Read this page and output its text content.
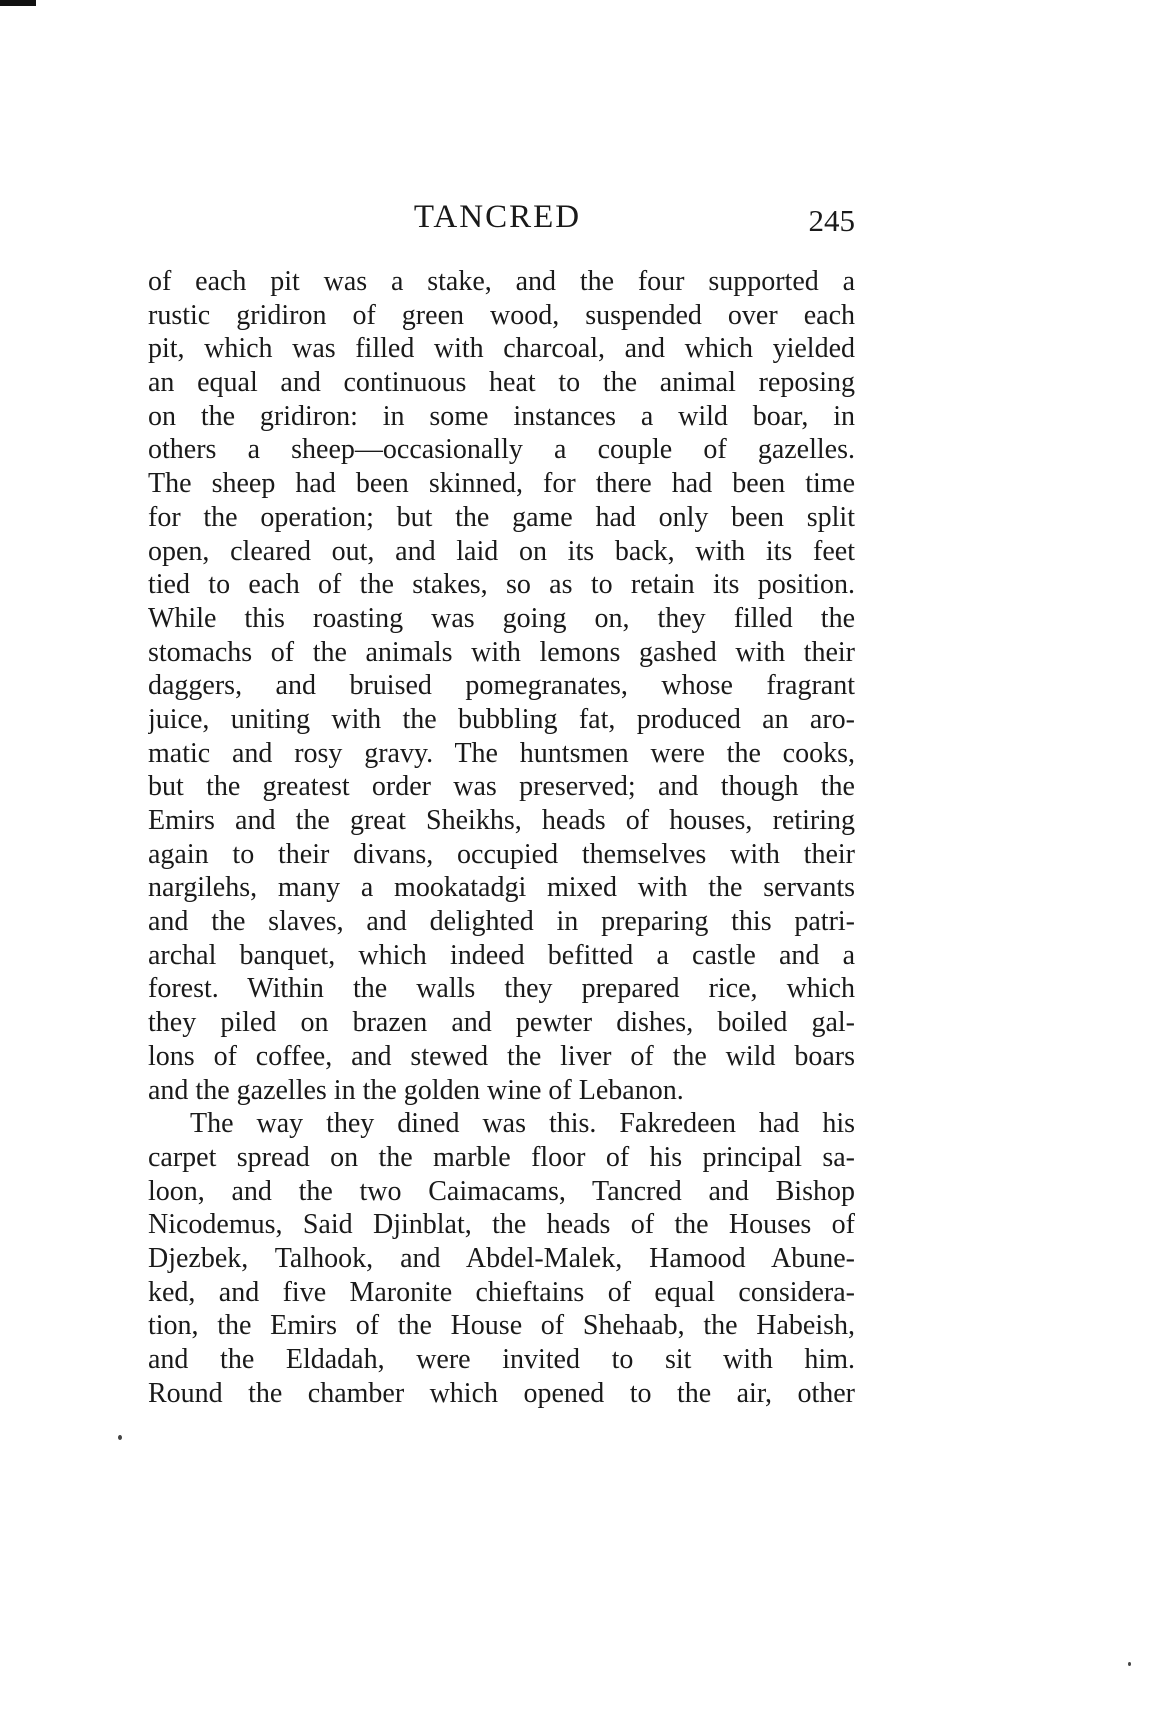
TANCRED	245
of each pit was a stake, and the four supported a
rustic gridiron of green wood, suspended over each
pit, which was filled with charcoal, and which yielded
an equal and continuous heat to the animal reposing
on the gridiron: in some instances a wild boar, in
others a sheep—occasionally a couple of gazelles.
The sheep had been skinned, for there had been time
for the operation; but the game had only been split
open, cleared out, and laid on its back, with its feet
tied to each of the stakes, so as to retain its position.
While this roasting was going on, they filled the
stomachs of the animals with lemons gashed with their
daggers, and bruised pomegranates, whose fragrant
juice, uniting with the bubbling fat, produced an aro-
matic and rosy gravy. The huntsmen were the cooks,
but the greatest order was preserved; and though the
Emirs and the great Sheikhs, heads of houses, retiring
again to their divans, occupied themselves with their
nargilehs, many a mookatadgi mixed with the servants
and the slaves, and delighted in preparing this patri-
archal banquet, which indeed befitted a castle and a
forest. Within the walls they prepared rice, which
they piled on brazen and pewter dishes, boiled gal-
lons of coffee, and stewed the liver of the wild boars
and the gazelles in the golden wine of Lebanon.
The way they dined was this. Fakredeen had his
carpet spread on the marble floor of his principal sa-
loon, and the two Caimacams, Tancred and Bishop
Nicodemus, Said Djinblat, the heads of the Houses of
Djezbek, Talhook, and Abdel-Malek, Hamood Abune-
ked, and five Maronite chieftains of equal considera-
tion, the Emirs of the House of Shehaab, the Habeish,
and the Eldadah, were invited to sit with him.
Round the chamber which opened to the air, other
